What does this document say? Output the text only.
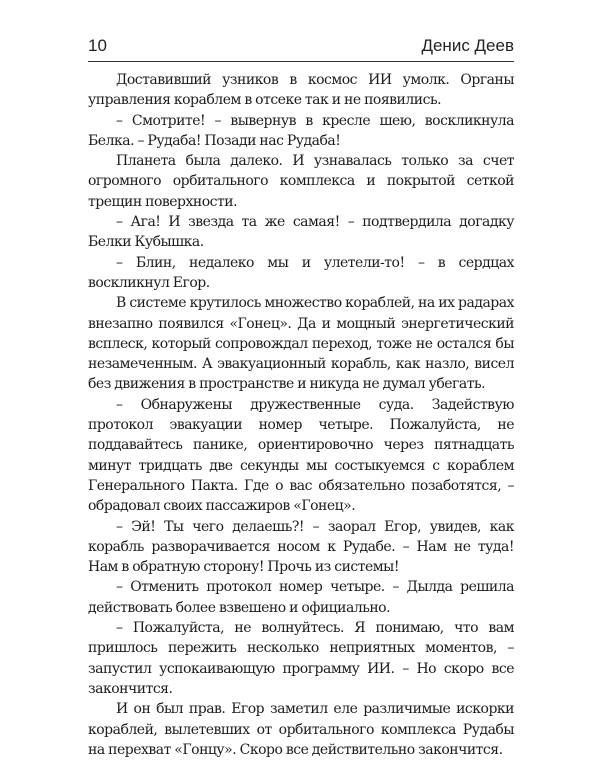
10	Денис Деев

Доставивший узников в космос ИИ умолк. Органы управления кораблем в отсеке так и не появились.

– Смотрите! – вывернув в кресле шею, воскликнула Белка. – Рудаба! Позади нас Рудаба!

Планета была далеко. И узнавалась только за счет огромного орбитального комплекса и покрытой сеткой трещин поверхности.

– Ага! И звезда та же самая! – подтвердила догадку Белки Кубышка.

– Блин, недалеко мы и улетели-то! – в сердцах воскликнул Егор.

В системе крутилось множество кораблей, на их радарах внезапно появился «Гонец». Да и мощный энергетический всплеск, который сопровождал переход, тоже не остался бы незамеченным. А эвакуационный корабль, как назло, висел без движения в пространстве и никуда не думал убегать.

– Обнаружены дружественные суда. Задействую протокол эвакуации номер четыре. Пожалуйста, не поддавайтесь панике, ориентировочно через пятнадцать минут тридцать две секунды мы состыкуемся с кораблем Генерального Пакта. Где о вас обязательно позаботятся, – обрадовал своих пассажиров «Гонец».

– Эй! Ты чего делаешь?! – заорал Егор, увидев, как корабль разворачивается носом к Рудабе. – Нам не туда! Нам в обратную сторону! Прочь из системы!

– Отменить протокол номер четыре. – Дылда решила действовать более взвешено и официально.

– Пожалуйста, не волнуйтесь. Я понимаю, что вам пришлось пережить несколько неприятных моментов, – запустил успокаивающую программу ИИ. – Но скоро все закончится.

И он был прав. Егор заметил еле различимые искорки кораблей, вылетевших от орбитального комплекса Рудабы на перехват «Гонцу». Скоро все действительно закончится.
